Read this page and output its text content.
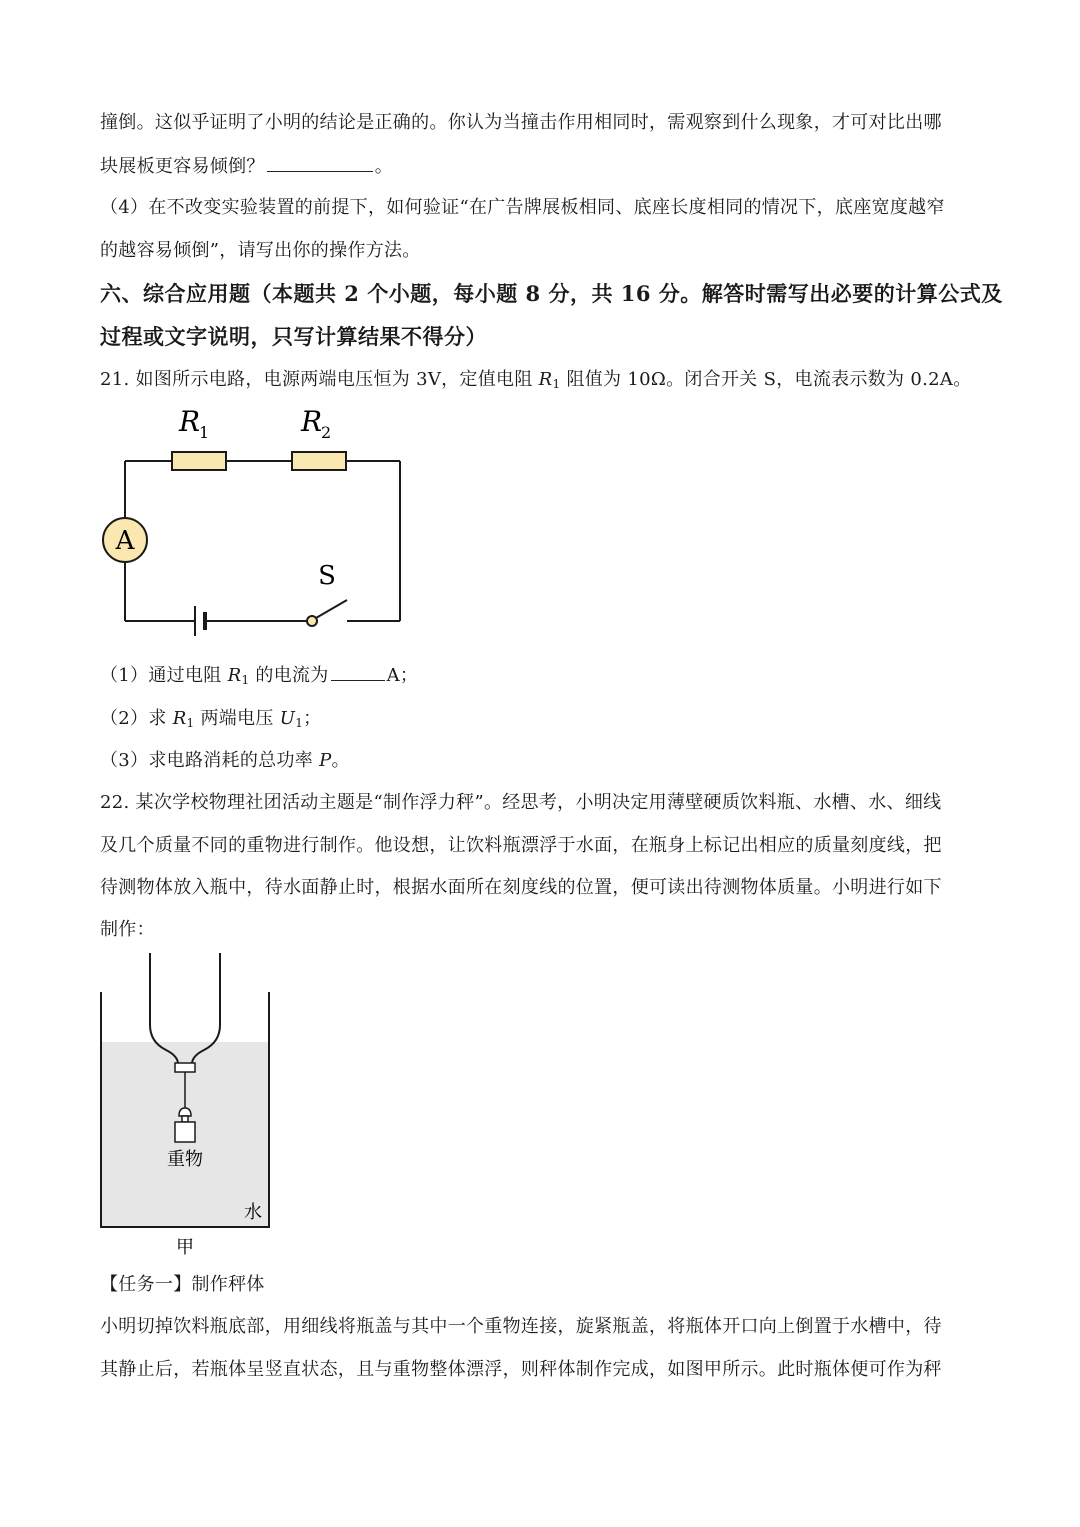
撞倒。这似乎证明了小明的结论是正确的。你认为当撞击作用相同时，需观察到什么现象，才可对比出哪
块展板更容易倾倒？	。
（4）在不改变实验装置的前提下，如何验证“在广告牌展板相同、底座长度相同的情况下，底座宽度越窄
的越容易倾倒”，请写出你的操作方法。
六、综合应用题（本题共 2 个小题，每小题 8 分，共 16 分。解答时需写出必要的计算公式及
过程或文字说明，只写计算结果不得分）
21. 如图所示电路，电源两端电压恒为 3V，定值电阻 $R_1$ 阻值为 10Ω。闭合开关 S，电流表示数为 0.2A。
R
1	R
2
A
S
（1）通过电阻 $R_1$ 的电流为	A；
（2）求 $R_1$ 两端电压 $U_1$；
（3）求电路消耗的总功率 P。
22. 某次学校物理社团活动主题是“制作浮力秤”。经思考，小明决定用薄壁硬质饮料瓶、水槽、水、细线
及几个质量不同的重物进行制作。他设想，让饮料瓶漂浮于水面，在瓶身上标记出相应的质量刻度线，把
待测物体放入瓶中，待水面静止时，根据水面所在刻度线的位置，便可读出待测物体质量。小明进行如下
制作：
重物
水
甲
【任务一】制作秤体
小明切掉饮料瓶底部，用细线将瓶盖与其中一个重物连接，旋紧瓶盖，将瓶体开口向上倒置于水槽中，待
其静止后，若瓶体呈竖直状态，且与重物整体漂浮，则秤体制作完成，如图甲所示。此时瓶体便可作为秤
